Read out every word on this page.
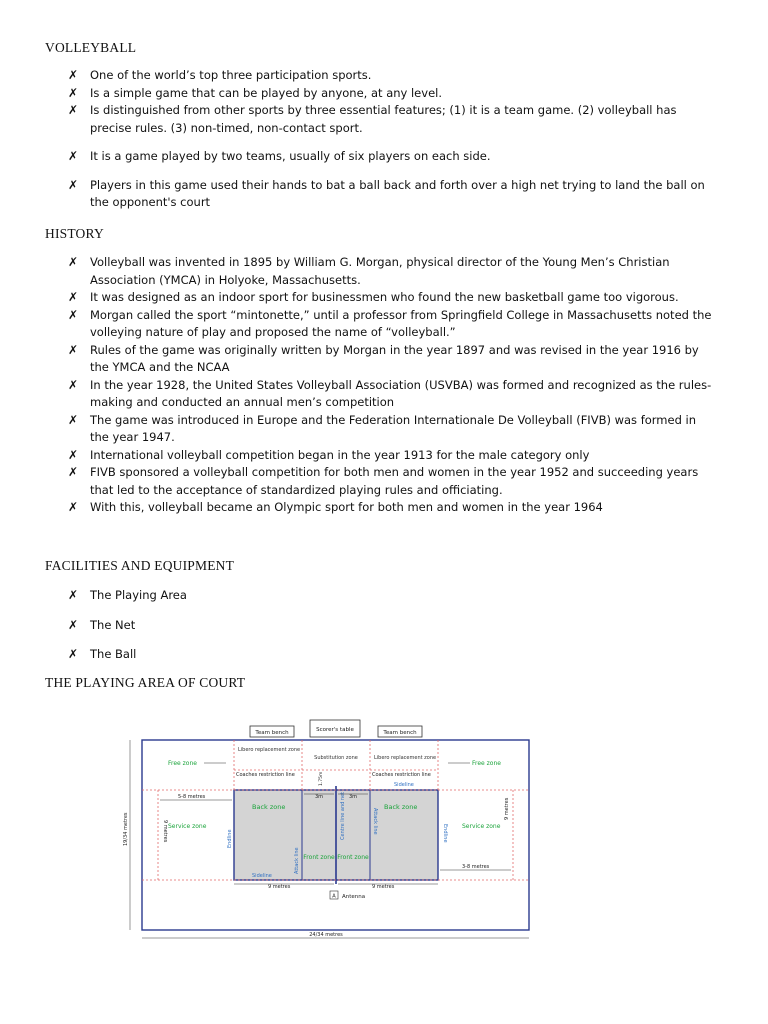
VOLLEYBALL
✗	One of the world’s top three participation sports.
✗	Is a simple game that can be played by anyone, at any level.
✗	Is distinguished from other sports by three essential features; (1) it is a team game. (2) volleyball has precise rules. (3) non-timed, non-contact sport.
✗	It is a game played by two teams, usually of six players on each side.
✗	Players in this game used their hands to bat a ball back and forth over a high net trying to land the ball on the opponent's court
HISTORY
✗	Volleyball was invented in 1895 by William G. Morgan, physical director of the Young Men’s Christian Association (YMCA) in Holyoke, Massachusetts.
✗	It was designed as an indoor sport for businessmen who found the new basketball game too vigorous.
✗	Morgan called the sport “mintonette,” until a professor from Springfield College in Massachusetts noted the volleying nature of play and proposed the name of “volleyball.”
✗	Rules of the game was originally written by Morgan in the year 1897 and was revised in the year 1916 by the YMCA and the NCAA
✗	In the year 1928, the United States Volleyball Association (USVBA) was formed and recognized as the rules-making and conducted an annual men’s competition
✗	The game was introduced in Europe and the Federation Internationale De Volleyball (FIVB) was formed in the year 1947.
✗	International volleyball competition began in the year 1913 for the male category only
✗	FIVB sponsored a volleyball competition for both men and women in the year 1952 and succeeding years that led to the acceptance of standardized playing rules and officiating.
✗	With this, volleyball became an Olympic sport for both men and women in the year 1964
FACILITIES AND EQUIPMENT
✗	The Playing Area
✗	The Net
✗	The Ball
THE PLAYING AREA OF COURT
Team bench	Scorer's table	Team bench
Libero replacement zone
Substitution zone	Libero replacement zone
Coaches restriction line	Coaches restriction line
Free zone	Free zone
Back zone	Back zone
Front zone Front zone
Service zone	Service zone
Sideline
Sideline
Endline	Endline
Attack line
Centre line and net	Attack line
3m	3m
1.75m
5-8 metres
3-8 metres
9 metres
9 metres
9 metres	9 metres
A Antenna
19/34 metres
24/34 metres
